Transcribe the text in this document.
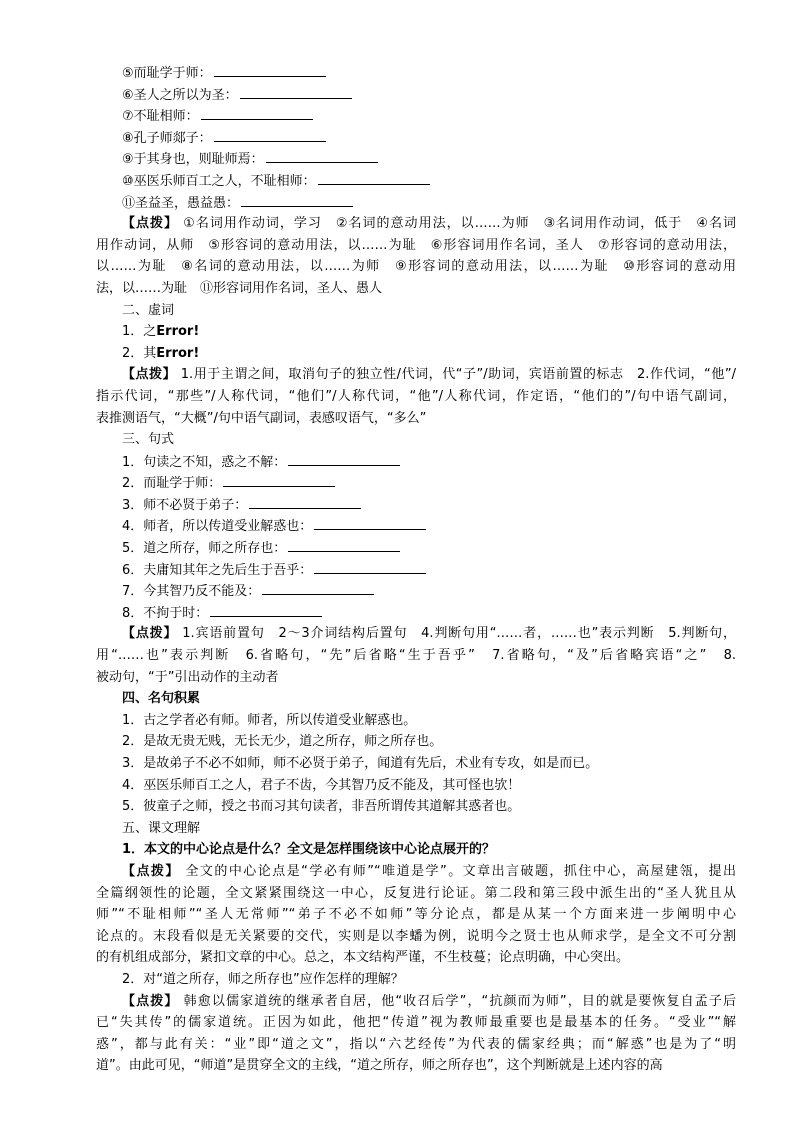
⑤而耻学于师：
⑥圣人之所以为圣：
⑦不耻相师：
⑧孔子师郯子：
⑨于其身也，则耻师焉：
⑩巫医乐师百工之人，不耻相师：
⑪圣益圣，愚益愚：
【点拨】 ①名词用作动词，学习　②名词的意动用法，以……为师　③名词用作动词，低于　④名词
用作动词，从师　⑤形容词的意动用法，以……为耻　⑥形容词用作名词，圣人　⑦形容词的意动用法，
以……为耻　⑧名词的意动用法，以……为师　⑨形容词的意动用法，以……为耻　⑩形容词的意动用
法，以……为耻　⑪形容词用作名词，圣人、愚人
二、虚词
1．之Error!
2．其Error!
【点拨】 1.用于主谓之间，取消句子的独立性/代词，代“子”/助词，宾语前置的标志　2.作代词，“他”/
指示代词，“那些”/人称代词，“他们”/人称代词，“他”/人称代词，作定语，“他们的”/句中语气副词，
表推测语气，“大概”/句中语气副词，表感叹语气，“多么”
三、句式
1．句读之不知，惑之不解：
2．而耻学于师：
3．师不必贤于弟子：
4．师者，所以传道受业解惑也：
5．道之所存，师之所存也：
6．夫庸知其年之先后生于吾乎：
7．今其智乃反不能及：
8．不拘于时：
【点拨】 1.宾语前置句　2～3介词结构后置句　4.判断句用“……者，……也”表示判断　5.判断句，
用“……也”表示判断　6.省略句，“先”后省略“生于吾乎”　7.省略句，“及”后省略宾语“之”　8.
被动句，“于”引出动作的主动者
四、名句积累
1．古之学者必有师。师者，所以传道受业解惑也。
2．是故无贵无贱，无长无少，道之所存，师之所存也。
3．是故弟子不必不如师，师不必贤于弟子，闻道有先后，术业有专攻，如是而已。
4．巫医乐师百工之人，君子不齿，今其智乃反不能及，其可怪也欤！
5．彼童子之师，授之书而习其句读者，非吾所谓传其道解其惑者也。
五、课文理解
1．本文的中心论点是什么？全文是怎样围绕该中心论点展开的？
【点拨】 全文的中心论点是“学必有师”“唯道是学”。文章出言破题，抓住中心，高屋建瓴，提出
全篇纲领性的论题，全文紧紧围绕这一中心，反复进行论证。第二段和第三段中派生出的“圣人犹且从
师”“不耻相师”“圣人无常师”“弟子不必不如师”等分论点，都是从某一个方面来进一步阐明中心
论点的。末段看似是无关紧要的交代，实则是以李蟠为例，说明今之贤士也从师求学，是全文不可分割
的有机组成部分，紧扣文章的中心。总之，本文结构严谨，不生枝蔓；论点明确，中心突出。
2．对“道之所存，师之所存也”应作怎样的理解？
【点拨】 韩愈以儒家道统的继承者自居，他“收召后学”，“抗颜而为师”，目的就是要恢复自孟子后
已“失其传”的儒家道统。正因为如此，他把“传道”视为教师最重要也是最基本的任务。“受业”“解
惑”，都与此有关：“业”即“道之文”，指以“六艺经传”为代表的儒家经典；而“解惑”也是为了“明
道”。由此可见，“师道”是贯穿全文的主线，“道之所存，师之所存也”，这个判断就是上述内容的高
